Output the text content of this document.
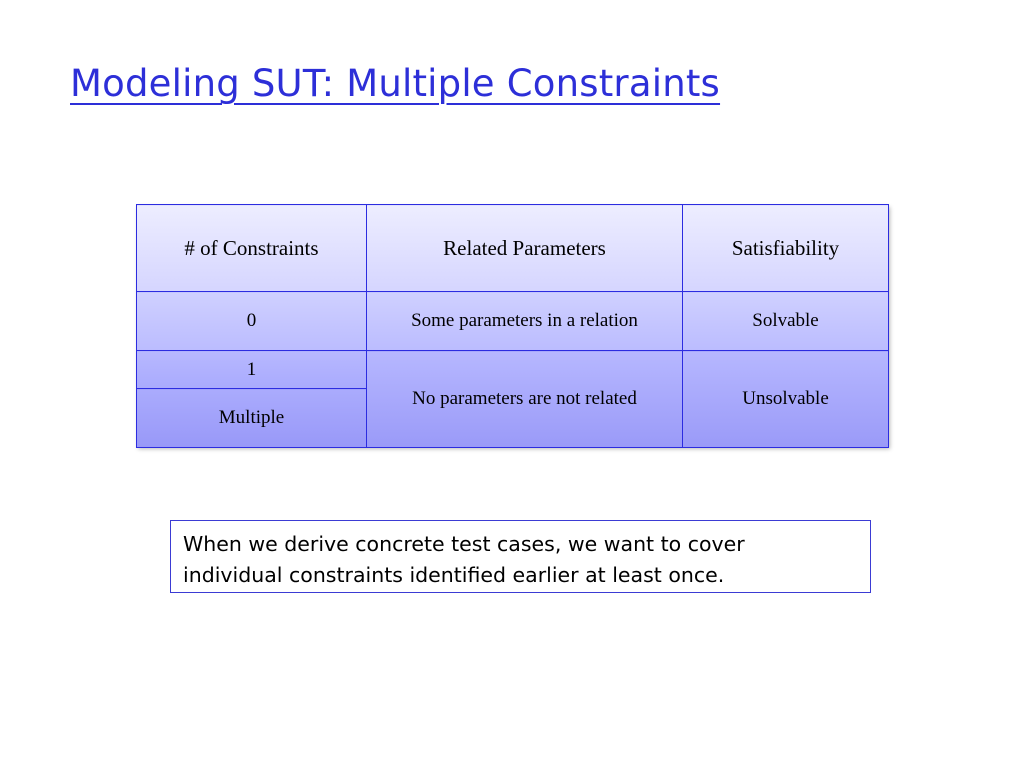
Modeling SUT: Multiple Constraints
# of Constraints	Related Parameters	Satisfiability
0	Some parameters in a relation	Solvable
1	No parameters are not related	Unsolvable
Multiple		
When we derive concrete test cases, we want to cover
individual constraints identified earlier at least once.
